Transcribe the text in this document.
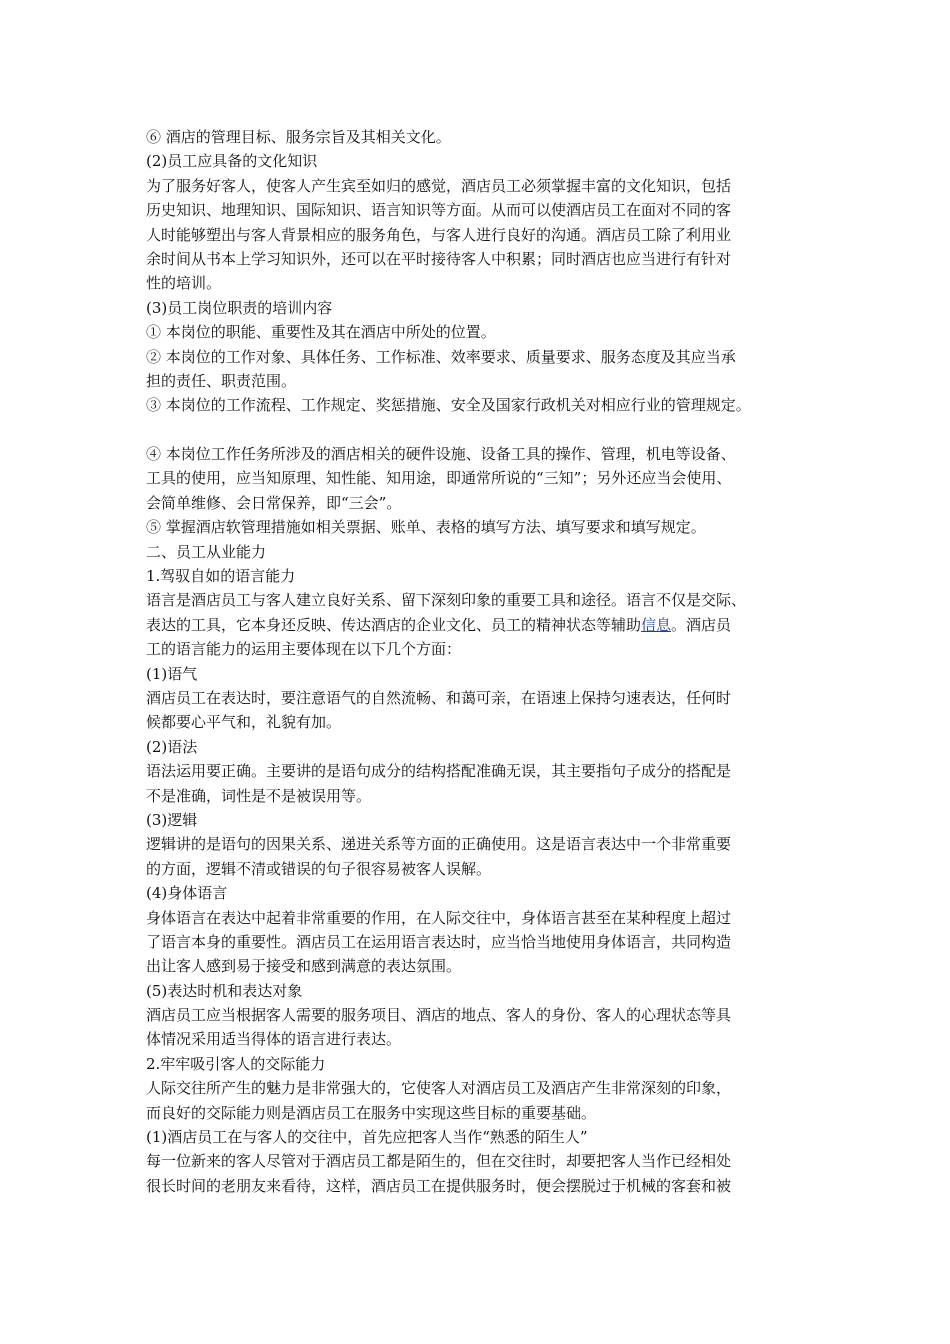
⑥ 酒店的管理目标、服务宗旨及其相关文化。
(2)员工应具备的文化知识
为了服务好客人，使客人产生宾至如归的感觉，酒店员工必须掌握丰富的文化知识，包括
历史知识、地理知识、国际知识、语言知识等方面。从而可以使酒店员工在面对不同的客
人时能够塑出与客人背景相应的服务角色，与客人进行良好的沟通。酒店员工除了利用业
余时间从书本上学习知识外，还可以在平时接待客人中积累；同时酒店也应当进行有针对
性的培训。
(3)员工岗位职责的培训内容
① 本岗位的职能、重要性及其在酒店中所处的位置。
② 本岗位的工作对象、具体任务、工作标准、效率要求、质量要求、服务态度及其应当承
担的责任、职责范围。
③ 本岗位的工作流程、工作规定、奖惩措施、安全及国家行政机关对相应行业的管理规定。
④ 本岗位工作任务所涉及的酒店相关的硬件设施、设备工具的操作、管理，机电等设备、
工具的使用，应当知原理、知性能、知用途，即通常所说的“三知”；另外还应当会使用、
会简单维修、会日常保养，即“三会”。
⑤ 掌握酒店软管理措施如相关票据、账单、表格的填写方法、填写要求和填写规定。
二、员工从业能力
1.驾驭自如的语言能力
语言是酒店员工与客人建立良好关系、留下深刻印象的重要工具和途径。语言不仅是交际、
表达的工具，它本身还反映、传达酒店的企业文化、员工的精神状态等辅助信息。酒店员
工的语言能力的运用主要体现在以下几个方面：
(1)语气
酒店员工在表达时，要注意语气的自然流畅、和蔼可亲，在语速上保持匀速表达，任何时
候都要心平气和，礼貌有加。
(2)语法
语法运用要正确。主要讲的是语句成分的结构搭配准确无误，其主要指句子成分的搭配是
不是准确，词性是不是被误用等。
(3)逻辑
逻辑讲的是语句的因果关系、递进关系等方面的正确使用。这是语言表达中一个非常重要
的方面，逻辑不清或错误的句子很容易被客人误解。
(4)身体语言
身体语言在表达中起着非常重要的作用，在人际交往中，身体语言甚至在某种程度上超过
了语言本身的重要性。酒店员工在运用语言表达时，应当恰当地使用身体语言，共同构造
出让客人感到易于接受和感到满意的表达氛围。
(5)表达时机和表达对象
酒店员工应当根据客人需要的服务项目、酒店的地点、客人的身份、客人的心理状态等具
体情况采用适当得体的语言进行表达。
2.牢牢吸引客人的交际能力
人际交往所产生的魅力是非常强大的，它使客人对酒店员工及酒店产生非常深刻的印象，
而良好的交际能力则是酒店员工在服务中实现这些目标的重要基础。
(1)酒店员工在与客人的交往中，首先应把客人当作“熟悉的陌生人”
每一位新来的客人尽管对于酒店员工都是陌生的，但在交往时，却要把客人当作已经相处
很长时间的老朋友来看待，这样，酒店员工在提供服务时，便会摆脱过于机械的客套和被
